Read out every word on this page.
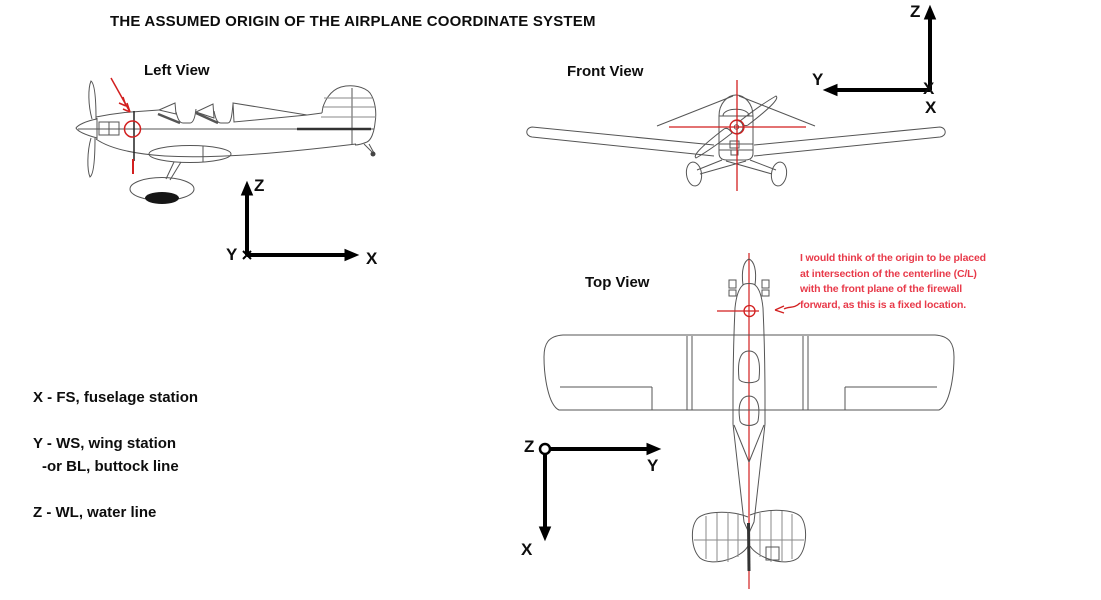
THE ASSUMED ORIGIN OF THE AIRPLANE COORDINATE SYSTEM
Left View	Front View
Top View
Z
Y	X
X
Z
X
Y
Z
Y
X
X - FS, fuselage station
Y - WS, wing station
-or BL, buttock line
Z - WL, water line
I would think of the origin to be placed
at intersection of the centerline (C/L)
with the front plane of the firewall
forward, as this is a fixed location.
